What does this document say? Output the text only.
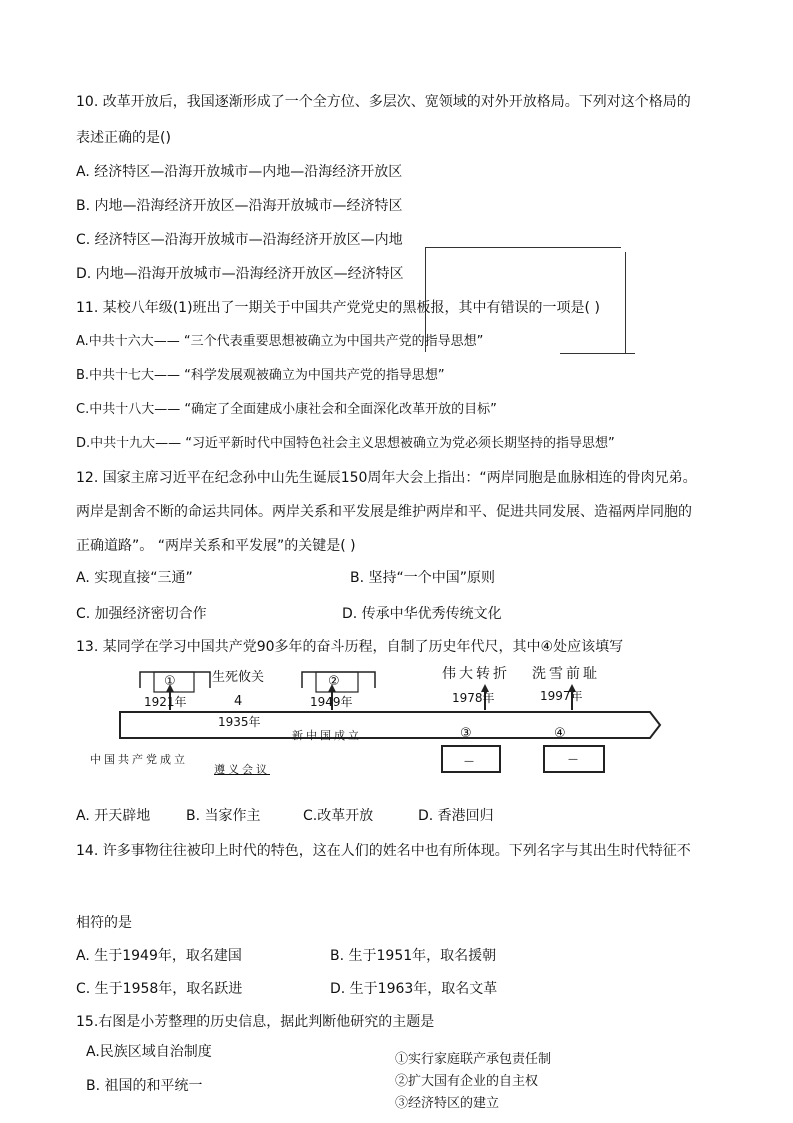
10. 改革开放后，我国逐渐形成了一个全方位、多层次、宽领域的对外开放格局。下列对这个格局的
表述正确的是()
A. 经济特区—沿海开放城市—内地—沿海经济开放区
B. 内地—沿海经济开放区—沿海开放城市—经济特区
C. 经济特区—沿海开放城市—沿海经济开放区—内地
D. 内地—沿海开放城市—沿海经济开放区—经济特区
11. 某校八年级(1)班出了一期关于中国共产党党史的黑板报，其中有错误的一项是( )
A.中共十六大—— “三个代表重要思想被确立为中国共产党的指导思想”
B.中共十七大—— “科学发展观被确立为中国共产党的指导思想”
C.中共十八大—— “确定了全面建成小康社会和全面深化改革开放的目标”
D.中共十九大—— “习近平新时代中国特色社会主义思想被确立为党必须长期坚持的指导思想”
12. 国家主席习近平在纪念孙中山先生诞辰150周年大会上指出：“两岸同胞是血脉相连的骨肉兄弟。
两岸是割舍不断的命运共同体。两岸关系和平发展是维护两岸和平、促进共同发展、造福两岸同胞的
正确道路”。 “两岸关系和平发展”的关键是( )
A. 实现直接“三通”	B. 坚持“一个中国”原则
C. 加强经济密切合作	D. 传承中华优秀传统文化
13. 某同学在学习中国共产党90多年的奋斗历程，自制了历史年代尺，其中④处应该填写
①	②
生死攸关
4
伟大转折 洗雪前耻
1921年
1935年
1949年	1978年	1997年
新中国成立	③	④
中国共产党成立
遵义会议
—	—
A. 开天辟地	B. 当家作主	C.改革开放	D. 香港回归
14. 许多事物往往被印上时代的特色，这在人们的姓名中也有所体现。下列名字与其出生时代特征不
相符的是
A. 生于1949年，取名建国	B. 生于1951年，取名援朝
C. 生于1958年，取名跃进	D. 生于1963年，取名文革
15.右图是小芳整理的历史信息，据此判断他研究的主题是
A.民族区域自治制度
B. 祖国的和平统一
①实行家庭联产承包责任制
②扩大国有企业的自主权
③经济特区的建立
